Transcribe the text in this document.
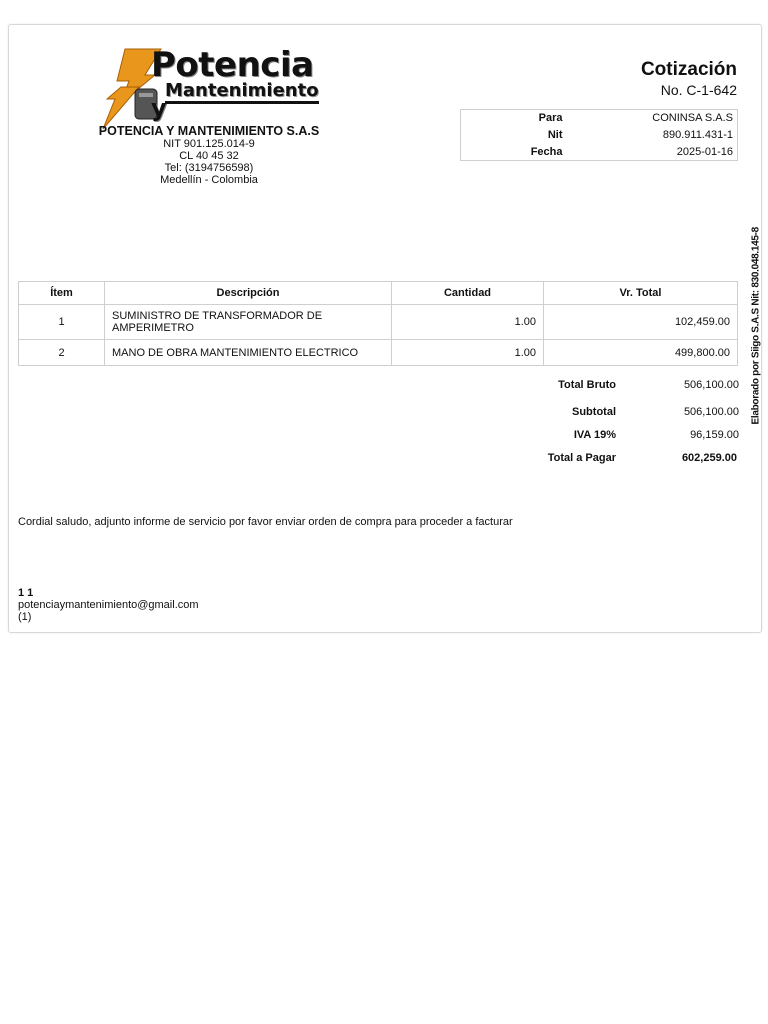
Potencia y
Mantenimiento
POTENCIA Y MANTENIMIENTO S.A.S
NIT 901.125.014-9
CL 40 45 32
Tel: (3194756598)
Medellín - Colombia
Cotización
No. C-1-642
Para	CONINSA S.A.S
Nit	890.911.431-1
Fecha	2025-01-16
Elaborado por Siigo S.A.S Nit: 830.048.145-8
Ítem	Descripción	Cantidad	Vr. Total
1	SUMINISTRO DE TRANSFORMADOR DE AMPERIMETRO	1.00	102,459.00
2	MANO DE OBRA MANTENIMIENTO ELECTRICO	1.00	499,800.00
Total Bruto	506,100.00
Subtotal	506,100.00
IVA 19%	96,159.00
Total a Pagar	602,259.00
Cordial saludo, adjunto informe de servicio por favor enviar orden de compra para proceder a facturar
1 1
potenciaymantenimiento@gmail.com
(1)
